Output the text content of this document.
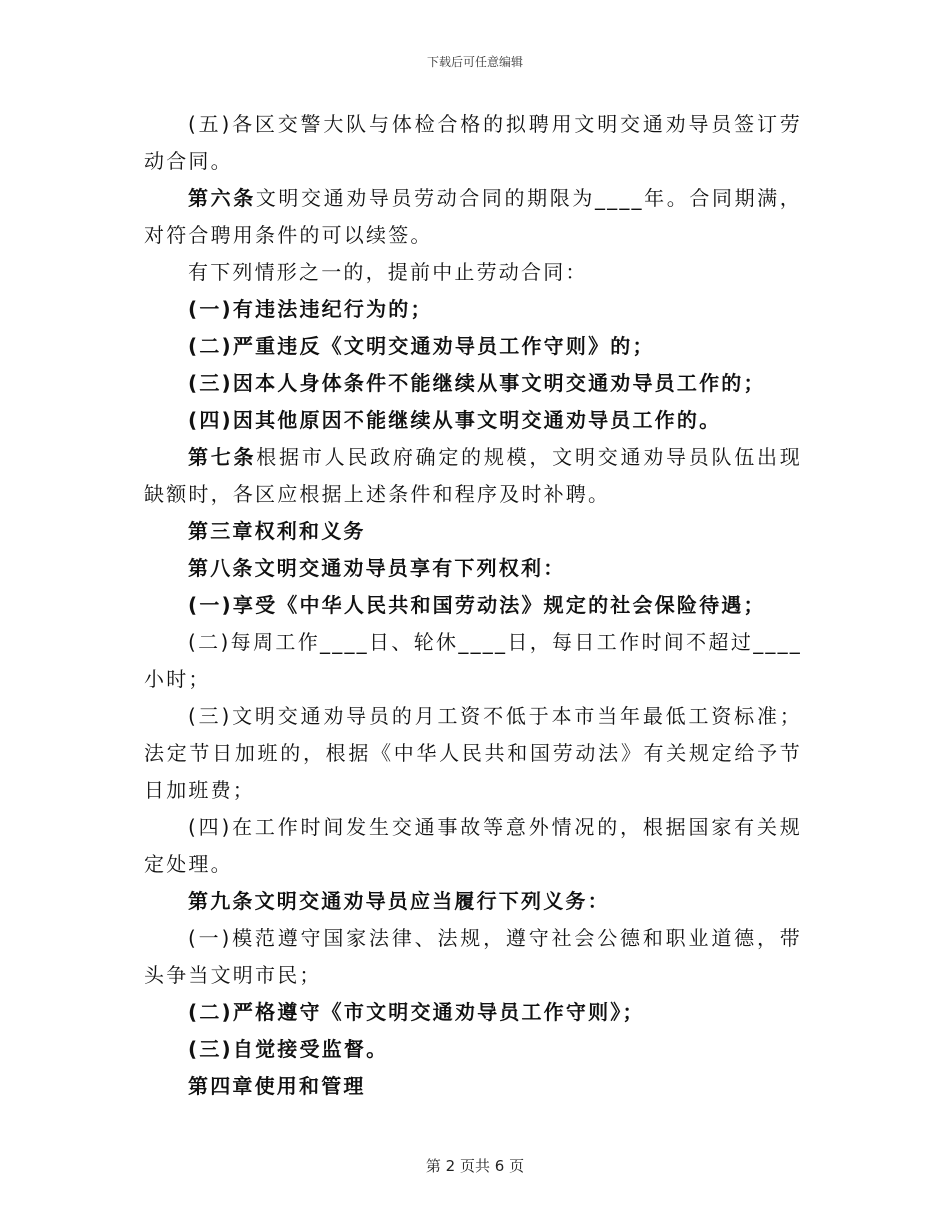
下载后可任意编辑

(五)各区交警大队与体检合格的拟聘用文明交通劝导员签订劳动合同。

第六条文明交通劝导员劳动合同的期限为____年。合同期满，对符合聘用条件的可以续签。

有下列情形之一的，提前中止劳动合同：

(一)有违法违纪行为的；

(二)严重违反《文明交通劝导员工作守则》的；

(三)因本人身体条件不能继续从事文明交通劝导员工作的；

(四)因其他原因不能继续从事文明交通劝导员工作的。

第七条根据市人民政府确定的规模，文明交通劝导员队伍出现缺额时，各区应根据上述条件和程序及时补聘。

第三章权利和义务

第八条文明交通劝导员享有下列权利：

(一)享受《中华人民共和国劳动法》规定的社会保险待遇；

(二)每周工作____日、轮休____日，每日工作时间不超过____小时；

(三)文明交通劝导员的月工资不低于本市当年最低工资标准；法定节日加班的，根据《中华人民共和国劳动法》有关规定给予节日加班费；

(四)在工作时间发生交通事故等意外情况的，根据国家有关规定处理。

第九条文明交通劝导员应当履行下列义务：

(一)模范遵守国家法律、法规，遵守社会公德和职业道德，带头争当文明市民；

(二)严格遵守《市文明交通劝导员工作守则》；

(三)自觉接受监督。

第四章使用和管理

第 2 页共 6 页
